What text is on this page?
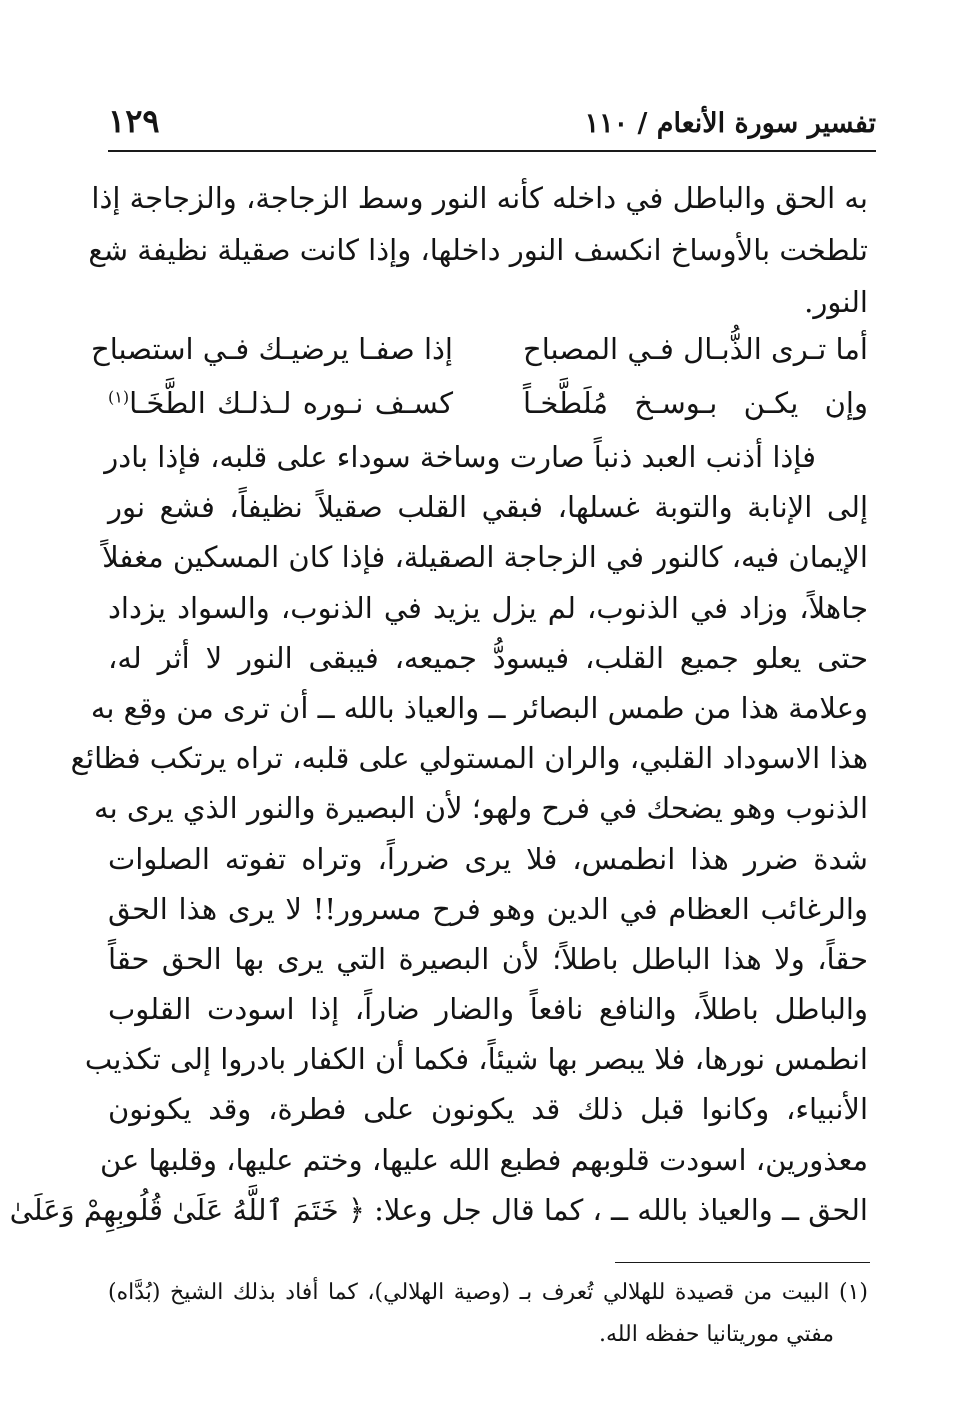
تفسير سورة الأنعام / ١١٠
١٢٩
به الحق والباطل في داخله كأنه النور وسط الزجاجة، والزجاجة إذا
تلطخت بالأوساخ انكسف النور داخلها، وإذا كانت صقيلة نظيفة شع
النور.
أما تـرى الذُّبـال فـي المصباح
إذا صفـا يرضيـك فـي استصباح
وإن يكـن بـوسـخ مُلَطَّخـاً
كسـف نـوره لـذلـك الطَّخَـا$^{(١)}$
فإذا أذنب العبد ذنباً صارت وساخة سوداء على قلبه، فإذا بادر
إلى الإنابة والتوبة غسلها، فبقي القلب صقيلاً نظيفاً، فشع نور
الإيمان فيه، كالنور في الزجاجة الصقيلة، فإذا كان المسكين مغفلاً
جاهلاً، وزاد في الذنوب، لم يزل يزيد في الذنوب، والسواد يزداد
حتى يعلو جميع القلب، فيسودُّ جميعه، فيبقى النور لا أثر له،
وعلامة هذا من طمس البصائر ــ والعياذ بالله ــ أن ترى من وقع به
هذا الاسوداد القلبي، والران المستولي على قلبه، تراه يرتكب فظائع
الذنوب وهو يضحك في فرح ولهو؛ لأن البصيرة والنور الذي يرى به
شدة ضرر هذا انطمس، فلا يرى ضرراً، وتراه تفوته الصلوات
والرغائب العظام في الدين وهو فرح مسرور!! لا يرى هذا الحق
حقاً، ولا هذا الباطل باطلاً؛ لأن البصيرة التي يرى بها الحق حقاً
والباطل باطلاً، والنافع نافعاً والضار ضاراً، إذا اسودت القلوب
انطمس نورها، فلا يبصر بها شيئاً، فكما أن الكفار بادروا إلى تكذيب
الأنبياء، وكانوا قبل ذلك قد يكونون على فطرة، وقد يكونون
معذورين، اسودت قلوبهم فطبع الله عليها، وختم عليها، وقلبها عن
الحق ــ والعياذ بالله ــ ، كما قال جل وعلا: ﴿ خَتَمَ ٱللَّهُ عَلَىٰ قُلُوبِهِمْ وَعَلَىٰ
(١) البيت من قصيدة للهلالي تُعرف بـ (وصية الهلالي)، كما أفاد بذلك الشيخ (بُدَّاه)
مفتي موريتانيا حفظه الله.
